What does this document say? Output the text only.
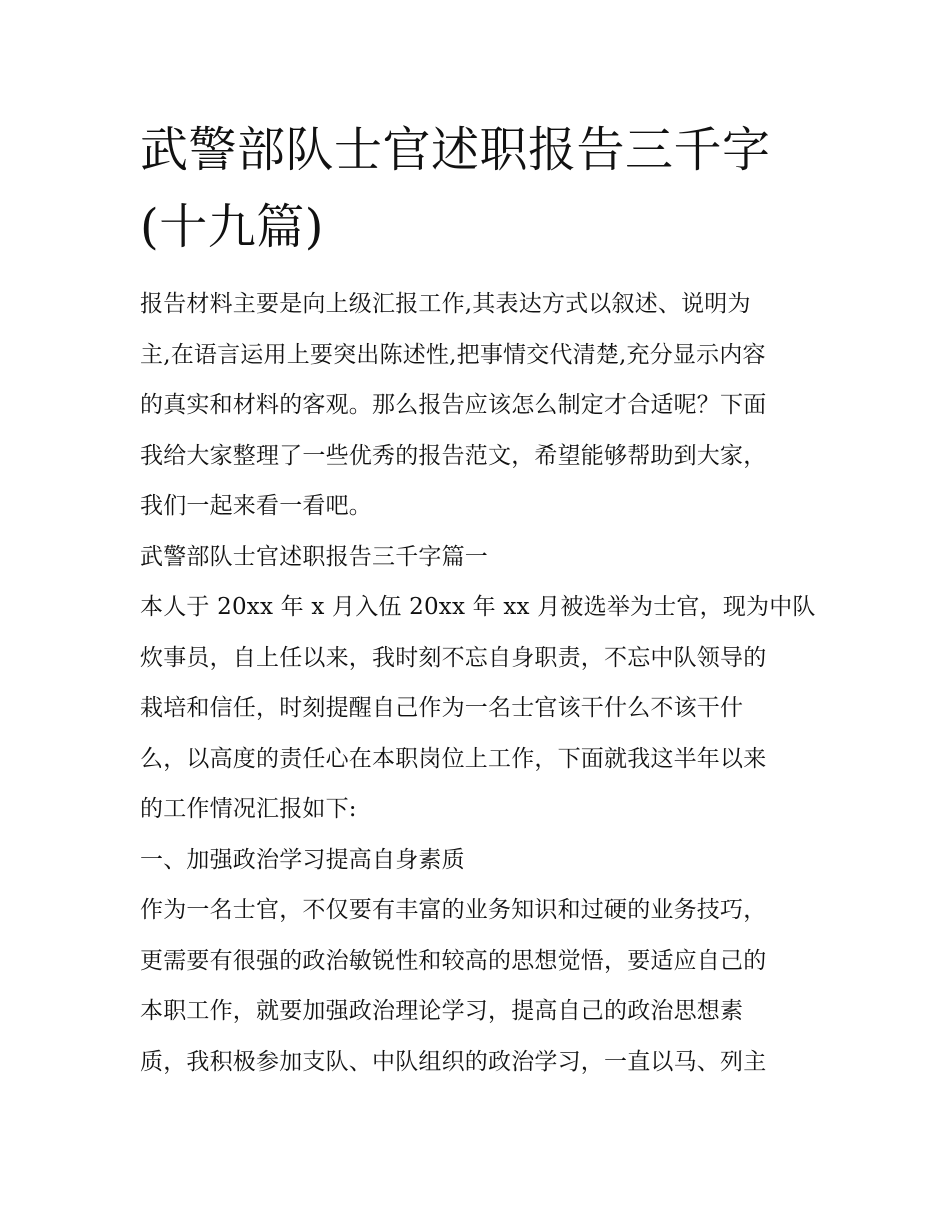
武警部队士官述职报告三千字
(十九篇)
报告材料主要是向上级汇报工作,其表达方式以叙述、说明为
主,在语言运用上要突出陈述性,把事情交代清楚,充分显示内容
的真实和材料的客观。那么报告应该怎么制定才合适呢？下面
我给大家整理了一些优秀的报告范文，希望能够帮助到大家，
我们一起来看一看吧。
武警部队士官述职报告三千字篇一
本人于 20xx 年 x 月入伍 20xx 年 xx 月被选举为士官，现为中队
炊事员，自上任以来，我时刻不忘自身职责，不忘中队领导的
栽培和信任，时刻提醒自己作为一名士官该干什么不该干什
么，以高度的责任心在本职岗位上工作，下面就我这半年以来
的工作情况汇报如下:
一、加强政治学习提高自身素质
作为一名士官，不仅要有丰富的业务知识和过硬的业务技巧，
更需要有很强的政治敏锐性和较高的思想觉悟，要适应自己的
本职工作，就要加强政治理论学习，提高自己的政治思想素
质，我积极参加支队、中队组织的政治学习，一直以马、列主
